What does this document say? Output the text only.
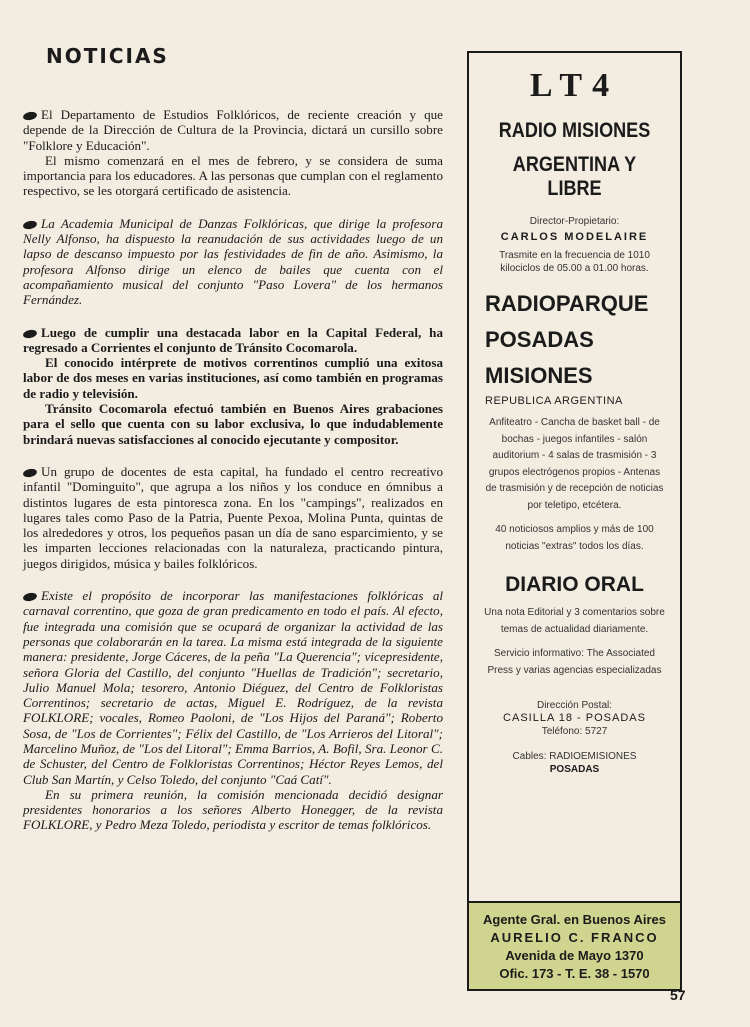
NOTICIAS

El Departamento de Estudios Folklóricos, de reciente creación y que depende de la Dirección de Cultura de la Provincia, dictará un cursillo sobre "Folklore y Educación".

El mismo comenzará en el mes de febrero, y se considera de suma importancia para los educadores. A las personas que cumplan con el reglamento respectivo, se les otorgará certificado de asistencia.

La Academia Municipal de Danzas Folklóricas, que dirige la profesora Nelly Alfonso, ha dispuesto la reanudación de sus actividades luego de un lapso de descanso impuesto por las festividades de fin de año. Asimismo, la profesora Alfonso dirige un elenco de bailes que cuenta con el acompañamiento musical del conjunto "Paso Lovera" de los hermanos Fernández.

Luego de cumplir una destacada labor en la Capital Federal, ha regresado a Corrientes el conjunto de Tránsito Cocomarola.

El conocido intérprete de motivos correntinos cumplió una exitosa labor de dos meses en varias instituciones, así como también en programas de radio y televisión.

Tránsito Cocomarola efectuó también en Buenos Aires grabaciones para el sello que cuenta con su labor exclusiva, lo que indudablemente brindará nuevas satisfacciones al conocido ejecutante y compositor.

Un grupo de docentes de esta capital, ha fundado el centro recreativo infantil "Dominguito", que agrupa a los niños y los conduce en ómnibus a distintos lugares de esta pintoresca zona. En los "campings", realizados en lugares tales como Paso de la Patria, Puente Pexoa, Molina Punta, quintas de los alrededores y otros, los pequeños pasan un día de sano esparcimiento, y se les imparten lecciones relacionadas con la naturaleza, practicando pintura, juegos dirigidos, música y bailes folklóricos.

Existe el propósito de incorporar las manifestaciones folklóricas al carnaval correntino, que goza de gran predicamento en todo el país. Al efecto, fue integrada una comisión que se ocupará de organizar la actividad de las personas que colaborarán en la tarea. La misma está integrada de la siguiente manera: presidente, Jorge Cáceres, de la peña "La Querencia"; vicepresidente, señora Gloria del Castillo, del conjunto "Huellas de Tradición"; secretario, Julio Manuel Mola; tesorero, Antonio Diéguez, del Centro de Folkloristas Correntinos; secretario de actas, Miguel E. Rodríguez, de la revista FOLKLORE; vocales, Romeo Paoloni, de "Los Hijos del Paraná"; Roberto Sosa, de "Los de Corrientes"; Félix del Castillo, de "Los Arrieros del Litoral"; Marcelino Muñoz, de "Los del Litoral"; Emma Barrios, A. Bofil, Sra. Leonor C. de Schuster, del Centro de Folkloristas Correntinos; Héctor Reyes Lemos, del Club San Martín, y Celso Toledo, del conjunto "Caá Catí".

En su primera reunión, la comisión mencionada decidió designar presidentes honorarios a los señores Alberto Honegger, de la revista FOLKLORE, y Pedro Meza Toledo, periodista y escritor de temas folklóricos.

LT4
RADIO MISIONES
ARGENTINA Y LIBRE
Director-Propietario:
CARLOS MODELAIRE
Trasmite en la frecuencia de 1010 kilociclos de 05.00 a 01.00 horas.
RADIOPARQUE
POSADAS
MISIONES
REPUBLICA ARGENTINA
Anfiteatro - Cancha de basket ball - de bochas - juegos infantiles - salón auditorium - 4 salas de trasmisión - 3 grupos electrógenos propios - Antenas de trasmisión y de recepción de noticias por teletipo, etcétera.
40 noticiosos amplios y más de 100 noticias "extras" todos los días.
DIARIO ORAL
Una nota Editorial y 3 comentarios sobre temas de actualidad diariamente.
Servicio informativo: The Associated Press y varias agencias especializadas
Dirección Postal:
CASILLA 18 - POSADAS
Teléfono: 5727
Cables: RADIOEMISIONES
POSADAS
Agente Gral. en Buenos Aires
AURELIO C. FRANCO
Avenida de Mayo 1370
Ofic. 173 - T. E. 38 - 1570
57
